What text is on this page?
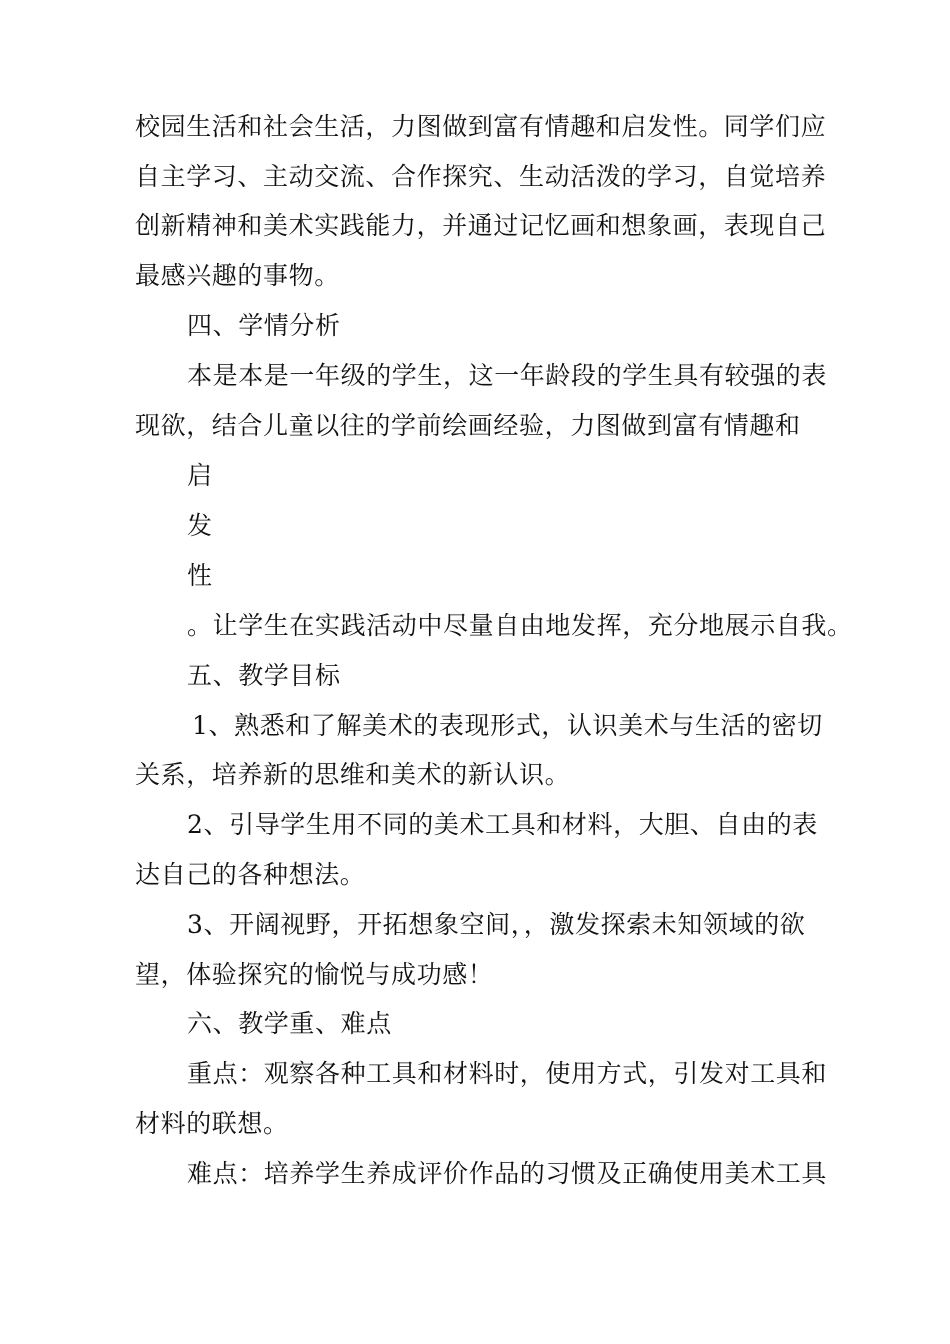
校园生活和社会生活，力图做到富有情趣和启发性。同学们应
自主学习、主动交流、合作探究、生动活泼的学习，自觉培养
创新精神和美术实践能力，并通过记忆画和想象画，表现自己
最感兴趣的事物。
四、学情分析
本是本是一年级的学生，这一年龄段的学生具有较强的表
现欲，结合儿童以往的学前绘画经验，力图做到富有情趣和
启
发
性
。让学生在实践活动中尽量自由地发挥，充分地展示自我。
五、教学目标
1、熟悉和了解美术的表现形式，认识美术与生活的密切
关系，培养新的思维和美术的新认识。
2、引导学生用不同的美术工具和材料，大胆、自由的表
达自己的各种想法。
3、开阔视野，开拓想象空间，，激发探索未知领域的欲
望，体验探究的愉悦与成功感！
六、教学重、难点
重点：观察各种工具和材料时，使用方式，引发对工具和
材料的联想。
难点：培养学生养成评价作品的习惯及正确使用美术工具
